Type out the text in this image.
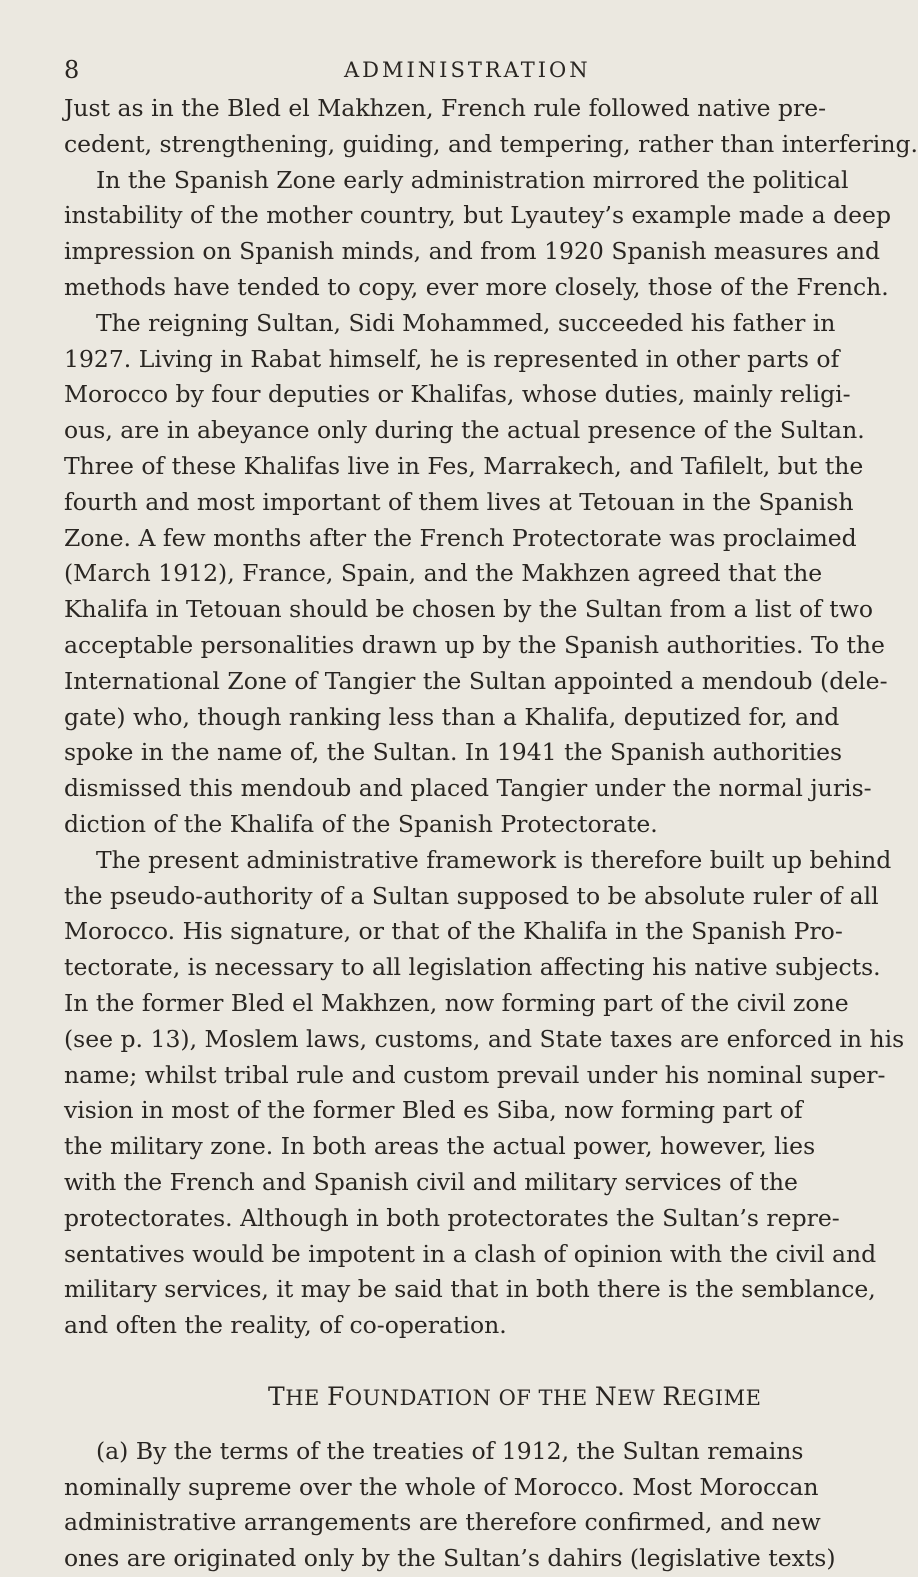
8	ADMINISTRATION
Just as in the Bled el Makhzen, French rule followed native pre-
cedent, strengthening, guiding, and tempering, rather than interfering.
In the Spanish Zone early administration mirrored the political
instability of the mother country, but Lyautey’s example made a deep
impression on Spanish minds, and from 1920 Spanish measures and
methods have tended to copy, ever more closely, those of the French.
The reigning Sultan, Sidi Mohammed, succeeded his father in
1927. Living in Rabat himself, he is represented in other parts of
Morocco by four deputies or Khalifas, whose duties, mainly religi-
ous, are in abeyance only during the actual presence of the Sultan.
Three of these Khalifas live in Fes, Marrakech, and Tafilelt, but the
fourth and most important of them lives at Tetouan in the Spanish
Zone. A few months after the French Protectorate was proclaimed
(March 1912), France, Spain, and the Makhzen agreed that the
Khalifa in Tetouan should be chosen by the Sultan from a list of two
acceptable personalities drawn up by the Spanish authorities. To the
International Zone of Tangier the Sultan appointed a mendoub (dele-
gate) who, though ranking less than a Khalifa, deputized for, and
spoke in the name of, the Sultan. In 1941 the Spanish authorities
dismissed this mendoub and placed Tangier under the normal juris-
diction of the Khalifa of the Spanish Protectorate.
The present administrative framework is therefore built up behind
the pseudo-authority of a Sultan supposed to be absolute ruler of all
Morocco. His signature, or that of the Khalifa in the Spanish Pro-
tectorate, is necessary to all legislation affecting his native subjects.
In the former Bled el Makhzen, now forming part of the civil zone
(see p. 13), Moslem laws, customs, and State taxes are enforced in his
name; whilst tribal rule and custom prevail under his nominal super-
vision in most of the former Bled es Siba, now forming part of
the military zone. In both areas the actual power, however, lies
with the French and Spanish civil and military services of the
protectorates. Although in both protectorates the Sultan’s repre-
sentatives would be impotent in a clash of opinion with the civil and
military services, it may be said that in both there is the semblance,
and often the reality, of co-operation.
THE FOUNDATION OF THE NEW REGIME
(a) By the terms of the treaties of 1912, the Sultan remains
nominally supreme over the whole of Morocco. Most Moroccan
administrative arrangements are therefore confirmed, and new
ones are originated only by the Sultan’s dahirs (legislative texts)
